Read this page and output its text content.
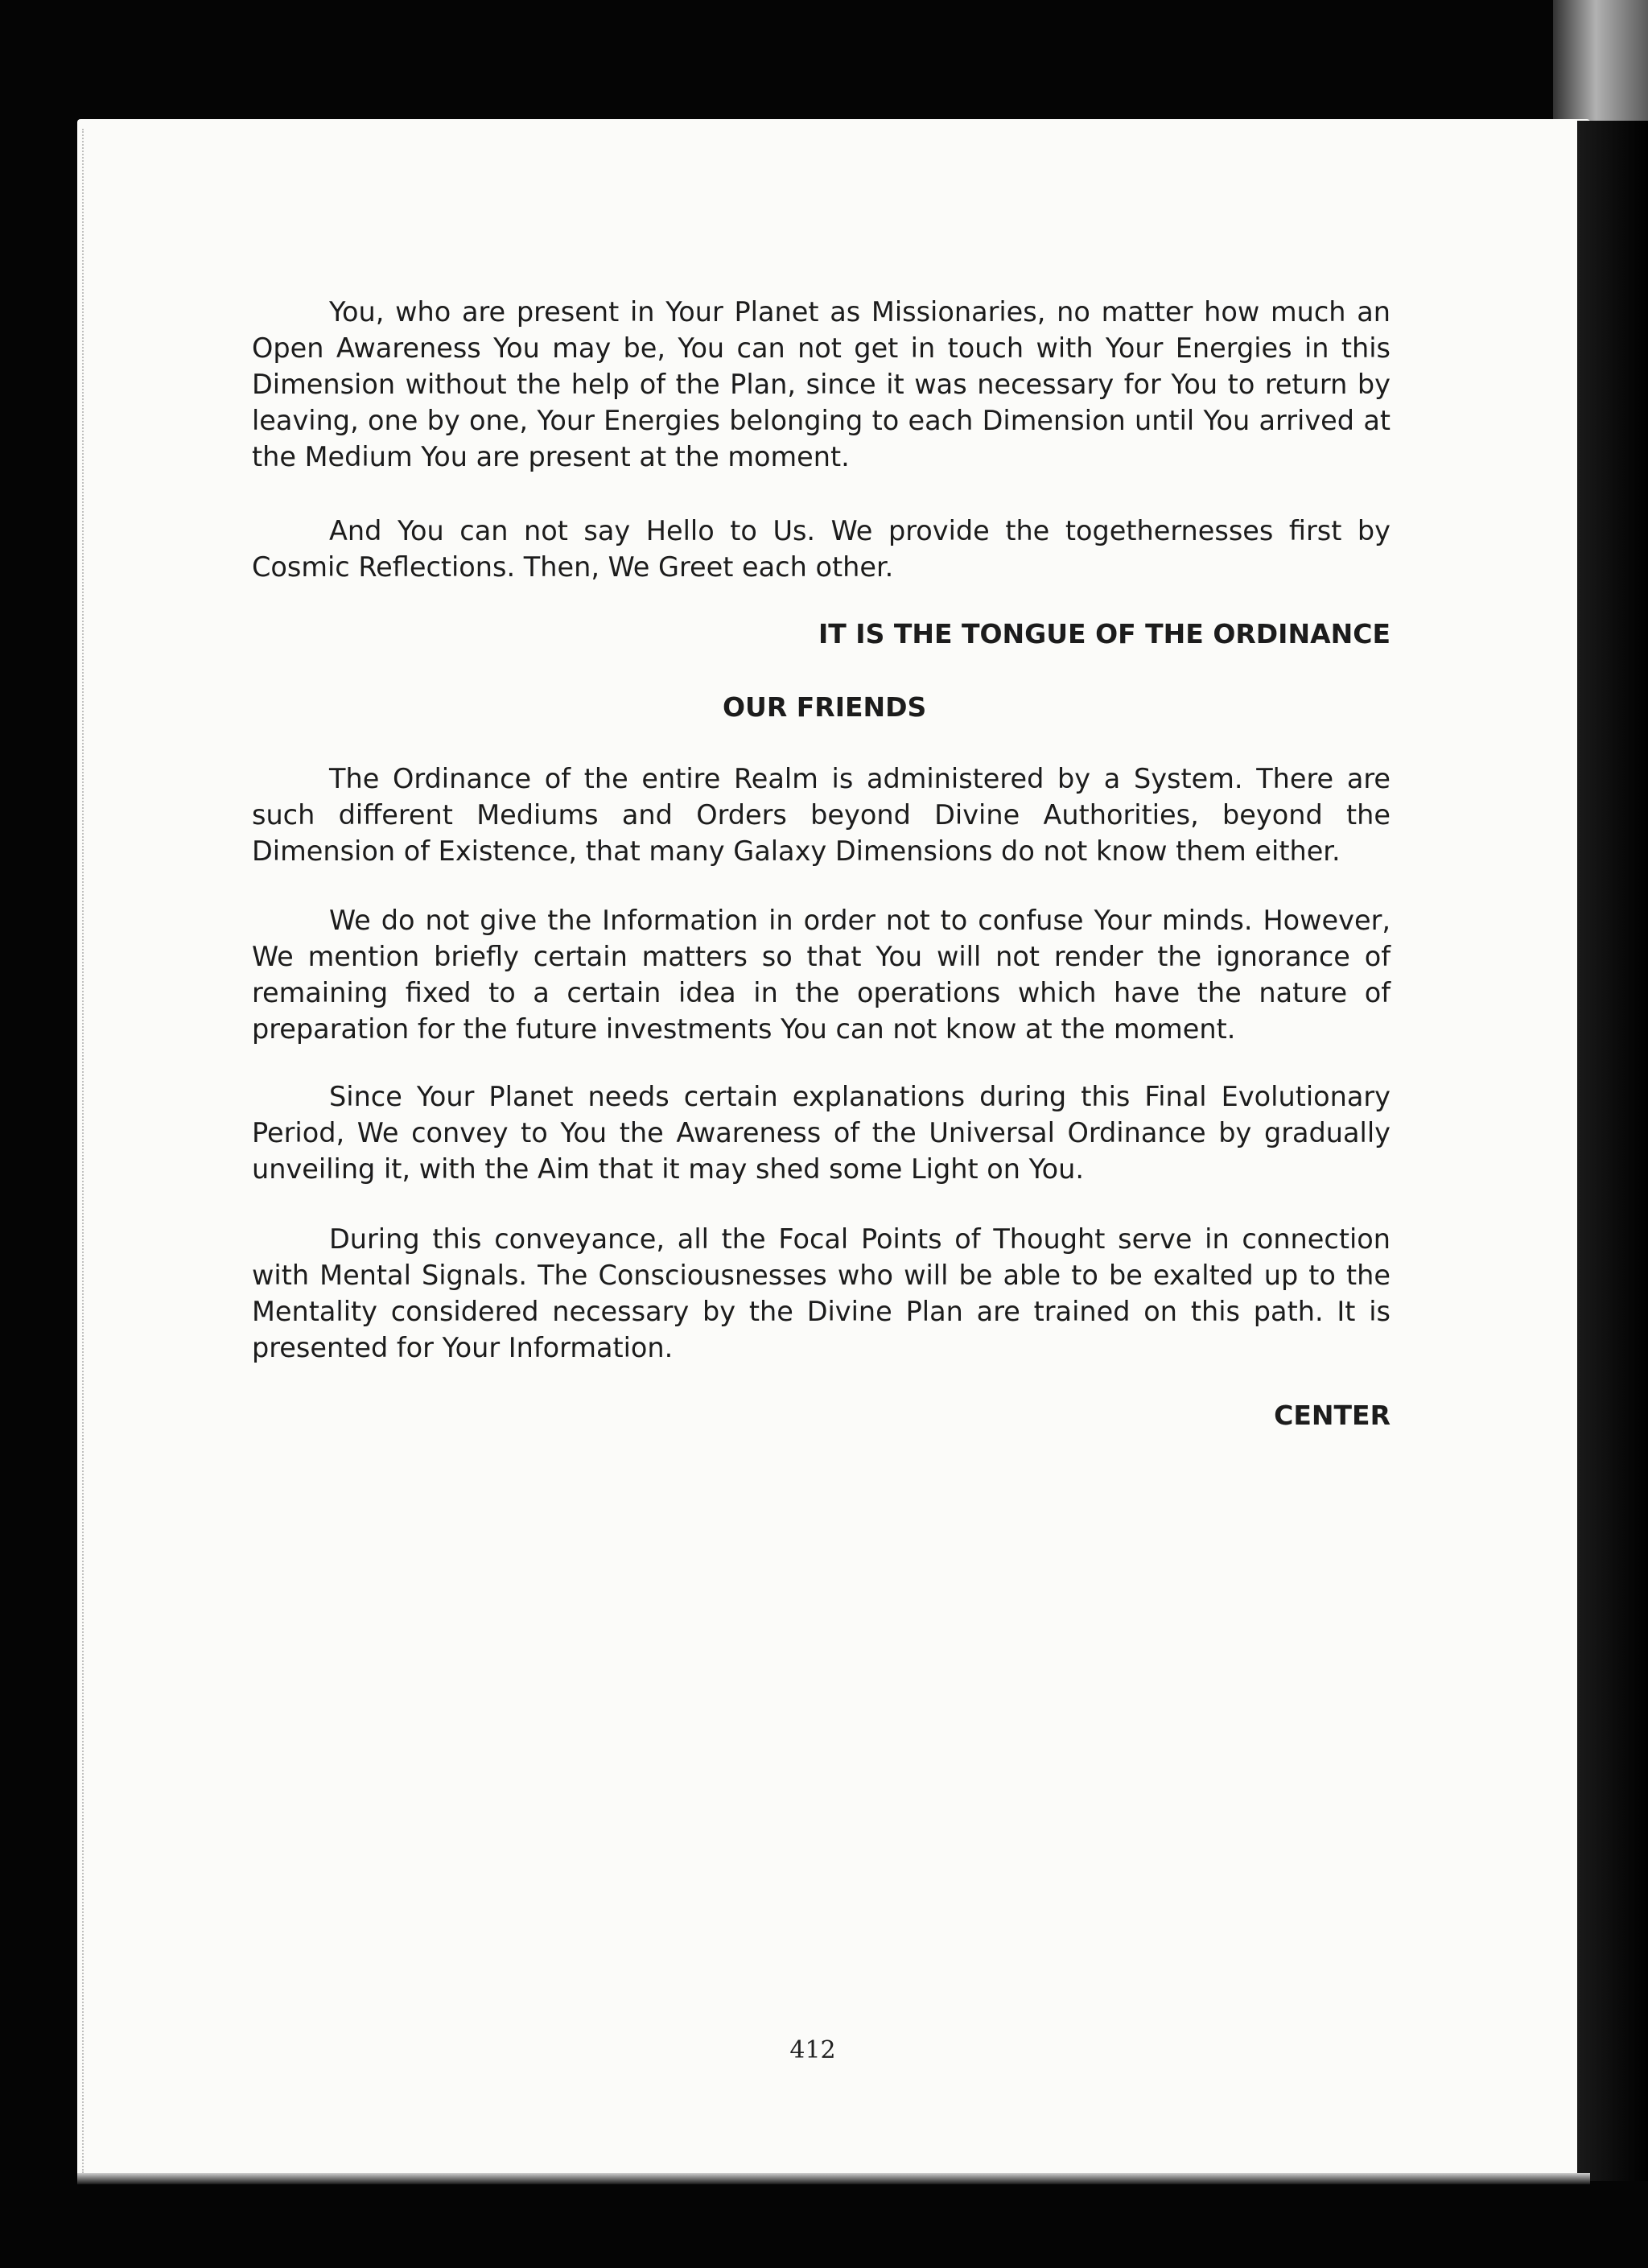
You, who are present in Your Planet as Missionaries, no matter how much an Open Awareness You may be, You can not get in touch with Your Energies in this Dimension without the help of the Plan, since it was necessary for You to return by leaving, one by one, Your Energies belonging to each Dimension until You arrived at the Medium You are present at the moment.

And You can not say Hello to Us. We provide the togethernesses first by Cosmic Reflections. Then, We Greet each other.

IT IS THE TONGUE OF THE ORDINANCE

OUR FRIENDS

The Ordinance of the entire Realm is administered by a System. There are such different Mediums and Orders beyond Divine Authorities, beyond the Dimension of Existence, that many Galaxy Dimensions do not know them either.

We do not give the Information in order not to confuse Your minds. However, We mention briefly certain matters so that You will not render the ignorance of remaining fixed to a certain idea in the operations which have the nature of preparation for the future investments You can not know at the moment.

Since Your Planet needs certain explanations during this Final Evolutionary Period, We convey to You the Awareness of the Universal Ordinance by gradually unveiling it, with the Aim that it may shed some Light on You.

During this conveyance, all the Focal Points of Thought serve in connection with Mental Signals. The Consciousnesses who will be able to be exalted up to the Mentality considered necessary by the Divine Plan are trained on this path. It is presented for Your Information.

CENTER

412
